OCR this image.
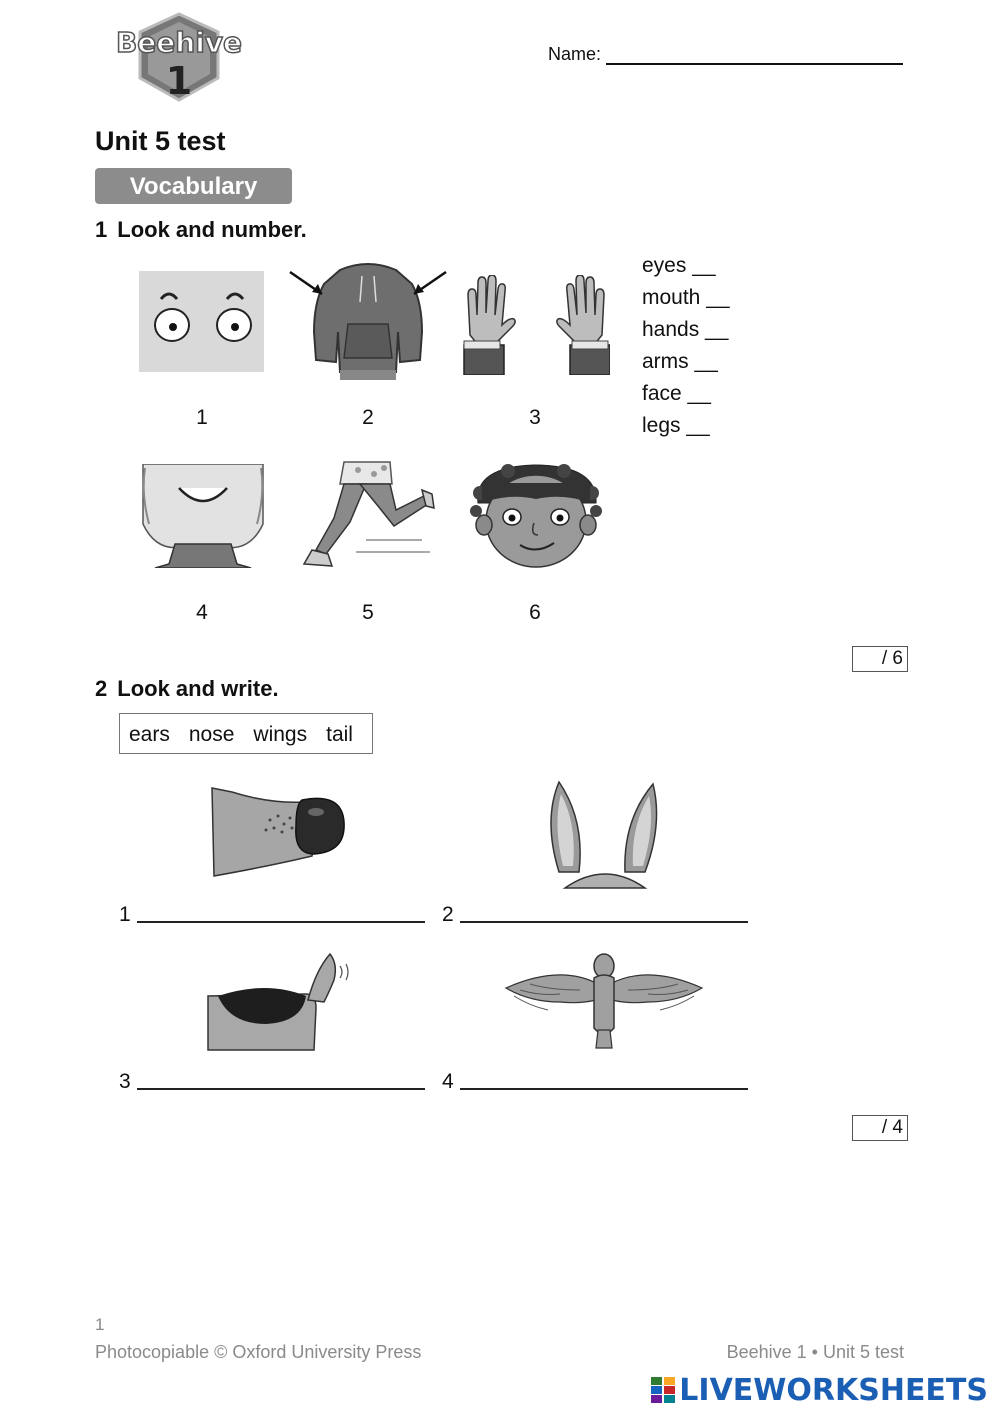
Beehive
1
Name:
Unit 5 test
Vocabulary
1 Look and number.
1	2	3
eyes __
mouth __
hands __
arms __
face __
legs __
4	5	6
/ 6
2 Look and write.
ears nose wings tail
1	2
3	4
/ 4
1
Photocopiable © Oxford University Press	Beehive 1 • Unit 5 test
LIVEWORKSHEETS
